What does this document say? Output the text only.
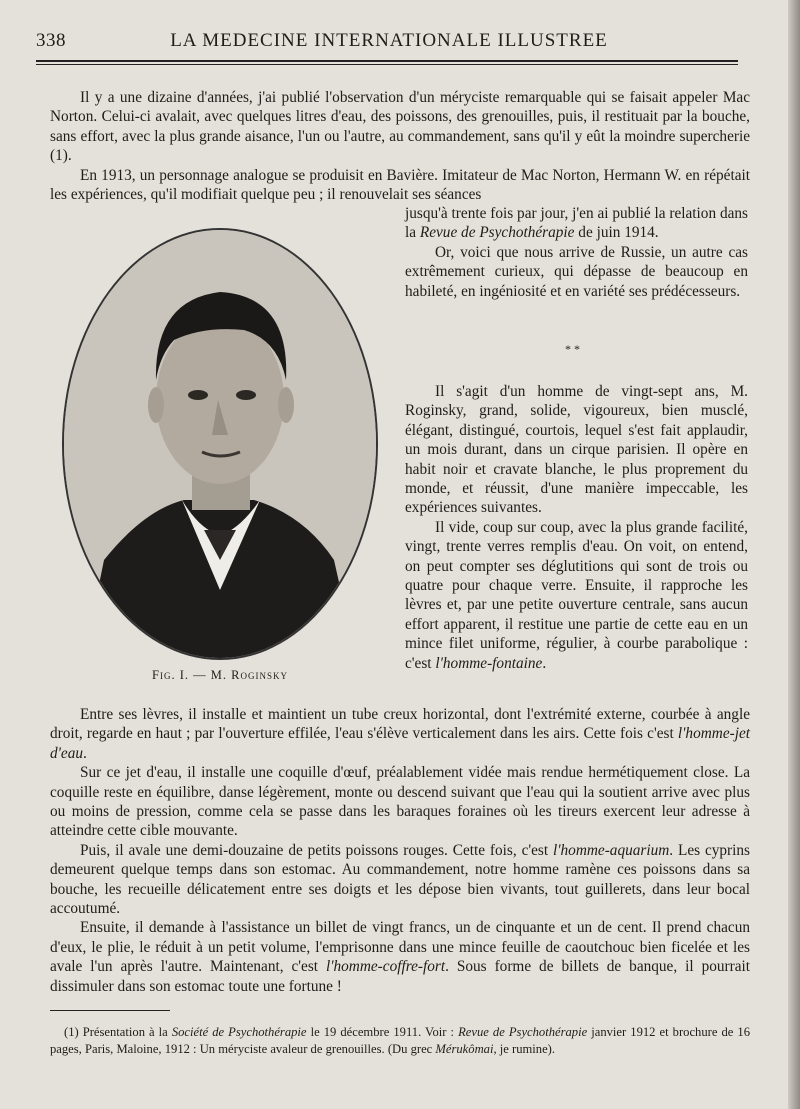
338	LA MEDECINE INTERNATIONALE ILLUSTREE

Il y a une dizaine d'années, j'ai publié l'observation d'un méryciste remarquable qui se faisait appeler Mac Norton. Celui-ci avalait, avec quelques litres d'eau, des poissons, des grenouilles, puis, il restituait par la bouche, sans effort, avec la plus grande aisance, l'un ou l'autre, au commandement, sans qu'il y eût la moindre supercherie (1).

En 1913, un personnage analogue se produisit en Bavière. Imitateur de Mac Norton, Hermann W. en répétait les expériences, qu'il modifiait quelque peu ; il renouvelait ses séances

Fig. I. — M. Roginsky

jusqu'à trente fois par jour, j'en ai publié la relation dans la Revue de Psychothérapie de juin 1914.

Or, voici que nous arrive de Russie, un autre cas extrêmement curieux, qui dépasse de beaucoup en habileté, en ingéniosité et en variété ses prédécesseurs.

* *

Il s'agit d'un homme de vingt-sept ans, M. Roginsky, grand, solide, vigoureux, bien musclé, élégant, distingué, courtois, lequel s'est fait applaudir, un mois durant, dans un cirque parisien. Il opère en habit noir et cravate blanche, le plus proprement du monde, et réussit, d'une manière impeccable, les expériences suivantes.

Il vide, coup sur coup, avec la plus grande facilité, vingt, trente verres remplis d'eau. On voit, on entend, on peut compter ses déglutitions qui sont de trois ou quatre pour chaque verre. Ensuite, il rapproche les lèvres et, par une petite ouverture centrale, sans aucun effort apparent, il restitue une partie de cette eau en un mince filet uniforme, régulier, à courbe parabolique : c'est l'homme-fontaine.

Entre ses lèvres, il installe et maintient un tube creux horizontal, dont l'extrémité externe, courbée à angle droit, regarde en haut ; par l'ouverture effilée, l'eau s'élève verticalement dans les airs. Cette fois c'est l'homme-jet d'eau.

Sur ce jet d'eau, il installe une coquille d'œuf, préalablement vidée mais rendue hermétiquement close. La coquille reste en équilibre, danse légèrement, monte ou descend suivant que l'eau qui la soutient arrive avec plus ou moins de pression, comme cela se passe dans les baraques foraines où les tireurs exercent leur adresse à atteindre cette cible mouvante.

Puis, il avale une demi-douzaine de petits poissons rouges. Cette fois, c'est l'homme-aquarium. Les cyprins demeurent quelque temps dans son estomac. Au commandement, notre homme ramène ces poissons dans sa bouche, les recueille délicatement entre ses doigts et les dépose bien vivants, tout guillerets, dans leur bocal accoutumé.

Ensuite, il demande à l'assistance un billet de vingt francs, un de cinquante et un de cent. Il prend chacun d'eux, le plie, le réduit à un petit volume, l'emprisonne dans une mince feuille de caoutchouc bien ficelée et les avale l'un après l'autre. Maintenant, c'est l'homme-coffre-fort. Sous forme de billets de banque, il pourrait dissimuler dans son estomac toute une fortune !

(1) Présentation à la Société de Psychothérapie le 19 décembre 1911. Voir : Revue de Psychothérapie janvier 1912 et brochure de 16 pages, Paris, Maloine, 1912 : Un méryciste avaleur de grenouilles. (Du grec Mérukômai, je rumine).
